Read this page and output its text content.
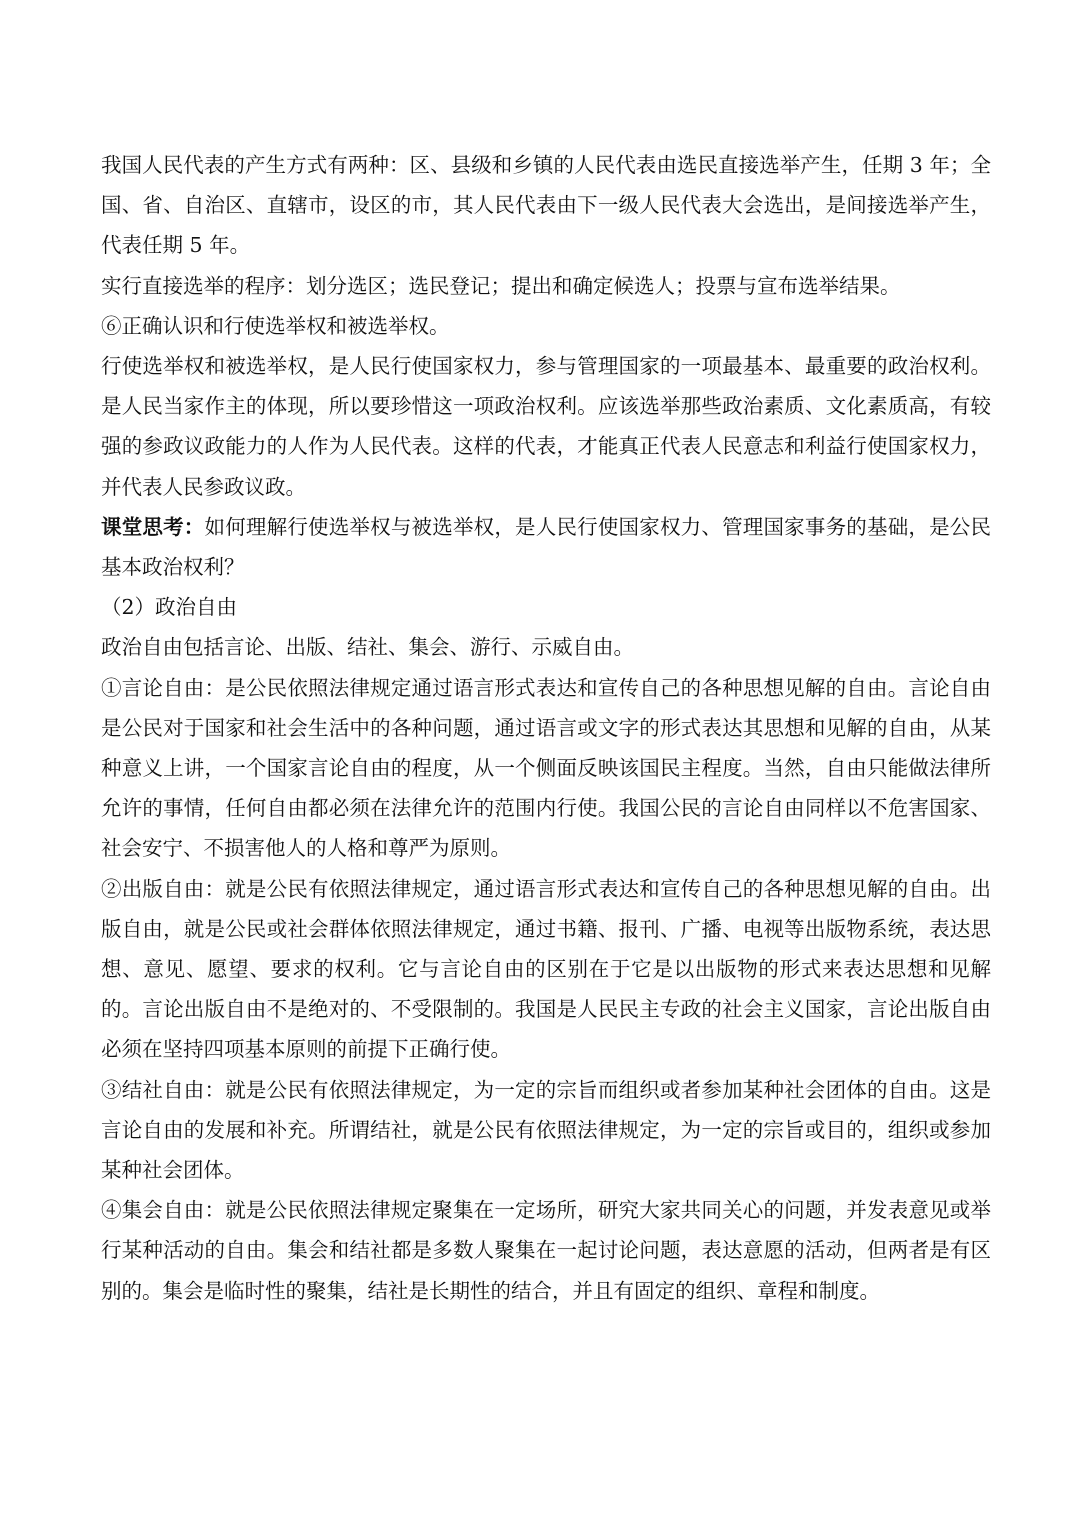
我国人民代表的产生方式有两种：区、县级和乡镇的人民代表由选民直接选举产生，任期 3 年；全国、省、自治区、直辖市，设区的市，其人民代表由下一级人民代表大会选出，是间接选举产生，代表任期 5 年。

实行直接选举的程序：划分选区；选民登记；提出和确定候选人；投票与宣布选举结果。

⑥正确认识和行使选举权和被选举权。

行使选举权和被选举权，是人民行使国家权力，参与管理国家的一项最基本、最重要的政治权利。是人民当家作主的体现，所以要珍惜这一项政治权利。应该选举那些政治素质、文化素质高，有较强的参政议政能力的人作为人民代表。这样的代表，才能真正代表人民意志和利益行使国家权力，并代表人民参政议政。

课堂思考：如何理解行使选举权与被选举权，是人民行使国家权力、管理国家事务的基础，是公民基本政治权利？

（2）政治自由

政治自由包括言论、出版、结社、集会、游行、示威自由。

①言论自由：是公民依照法律规定通过语言形式表达和宣传自己的各种思想见解的自由。言论自由是公民对于国家和社会生活中的各种问题，通过语言或文字的形式表达其思想和见解的自由，从某种意义上讲，一个国家言论自由的程度，从一个侧面反映该国民主程度。当然，自由只能做法律所允许的事情，任何自由都必须在法律允许的范围内行使。我国公民的言论自由同样以不危害国家、社会安宁、不损害他人的人格和尊严为原则。

②出版自由：就是公民有依照法律规定，通过语言形式表达和宣传自己的各种思想见解的自由。出版自由，就是公民或社会群体依照法律规定，通过书籍、报刊、广播、电视等出版物系统，表达思想、意见、愿望、要求的权利。它与言论自由的区别在于它是以出版物的形式来表达思想和见解的。言论出版自由不是绝对的、不受限制的。我国是人民民主专政的社会主义国家，言论出版自由必须在坚持四项基本原则的前提下正确行使。

③结社自由：就是公民有依照法律规定，为一定的宗旨而组织或者参加某种社会团体的自由。这是言论自由的发展和补充。所谓结社，就是公民有依照法律规定，为一定的宗旨或目的，组织或参加某种社会团体。

④集会自由：就是公民依照法律规定聚集在一定场所，研究大家共同关心的问题，并发表意见或举行某种活动的自由。集会和结社都是多数人聚集在一起讨论问题，表达意愿的活动，但两者是有区别的。集会是临时性的聚集，结社是长期性的结合，并且有固定的组织、章程和制度。
